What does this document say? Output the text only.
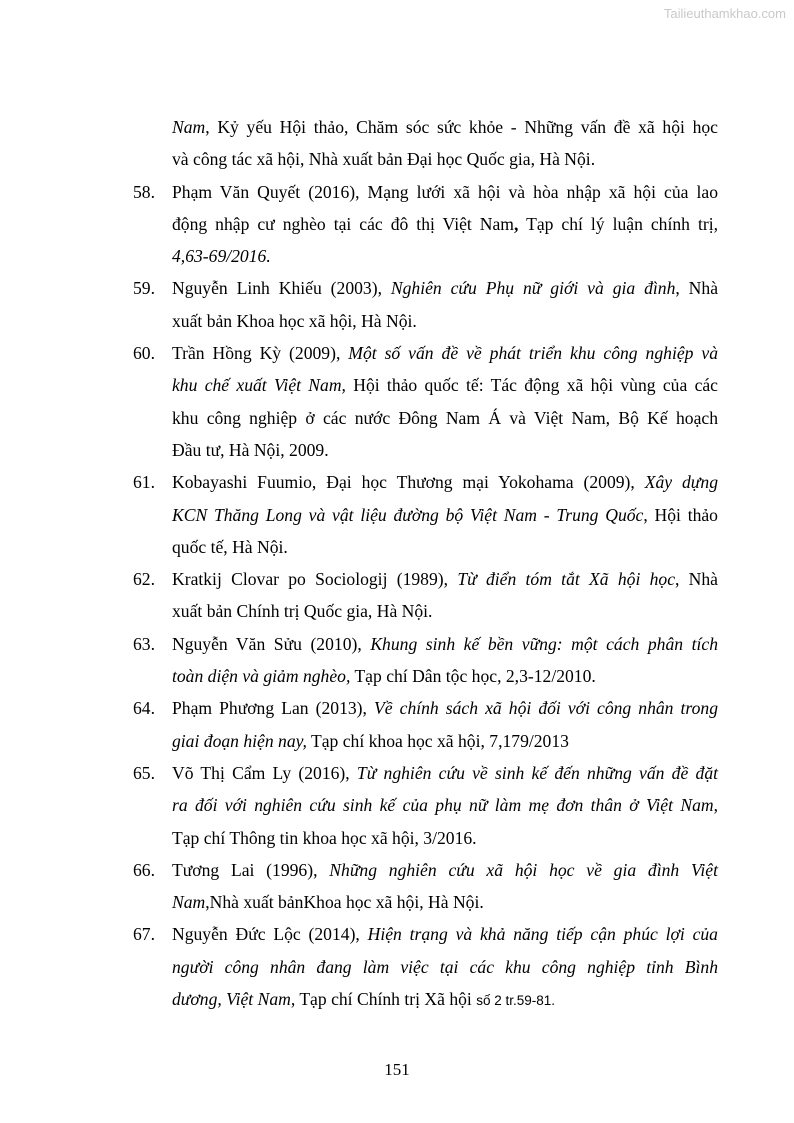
Tailieuthamkhao.com
Nam, Kỷ yếu Hội thảo, Chăm sóc sức khỏe - Những vấn đề xã hội học
và công tác xã hội, Nhà xuất bản Đại học Quốc gia, Hà Nội.
58. Phạm Văn Quyết (2016), Mạng lưới xã hội và hòa nhập xã hội của lao
động nhập cư nghèo tại các đô thị Việt Nam, Tạp chí lý luận chính trị,
4,63-69/2016.
59. Nguyễn Linh Khiếu (2003), Nghiên cứu Phụ nữ giới và gia đình, Nhà
xuất bản Khoa học xã hội, Hà Nội.
60. Trần Hồng Kỳ (2009), Một số vấn đề về phát triển khu công nghiệp và
khu chế xuất Việt Nam, Hội thảo quốc tế: Tác động xã hội vùng của các
khu công nghiệp ở các nước Đông Nam Á và Việt Nam, Bộ Kế hoạch
Đầu tư, Hà Nội, 2009.
61. Kobayashi Fuumio, Đại học Thương mại Yokohama (2009), Xây dựng
KCN Thăng Long và vật liệu đường bộ Việt Nam - Trung Quốc, Hội thảo
quốc tế, Hà Nội.
62. Kratkij Clovar po Sociologij (1989), Từ điển tóm tắt Xã hội học, Nhà
xuất bản Chính trị Quốc gia, Hà Nội.
63. Nguyễn Văn Sửu (2010), Khung sinh kế bền vững: một cách phân tích
toàn diện và giảm nghèo, Tạp chí Dân tộc học, 2,3-12/2010.
64. Phạm Phương Lan (2013), Về chính sách xã hội đối với công nhân trong
giai đoạn hiện nay, Tạp chí khoa học xã hội, 7,179/2013
65. Võ Thị Cẩm Ly (2016), Từ nghiên cứu về sinh kế đến những vấn đề đặt
ra đối với nghiên cứu sinh kế của phụ nữ làm mẹ đơn thân ở Việt Nam,
Tạp chí Thông tin khoa học xã hội, 3/2016.
66. Tương Lai (1996), Những nghiên cứu xã hội học về gia đình Việt
Nam,Nhà xuất bảnKhoa học xã hội, Hà Nội.
67. Nguyễn Đức Lộc (2014), Hiện trạng và khả năng tiếp cận phúc lợi của
người công nhân đang làm việc tại các khu công nghiệp tỉnh Bình
dương, Việt Nam, Tạp chí Chính trị Xã hội số 2 tr.59-81.
151
